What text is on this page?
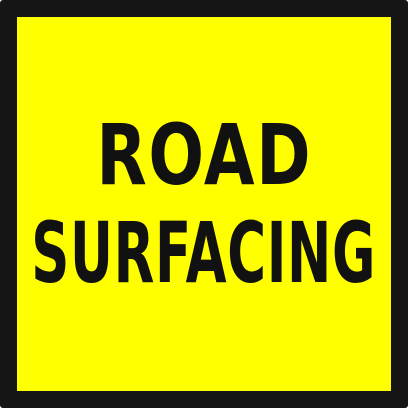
ROAD
SURFACING
